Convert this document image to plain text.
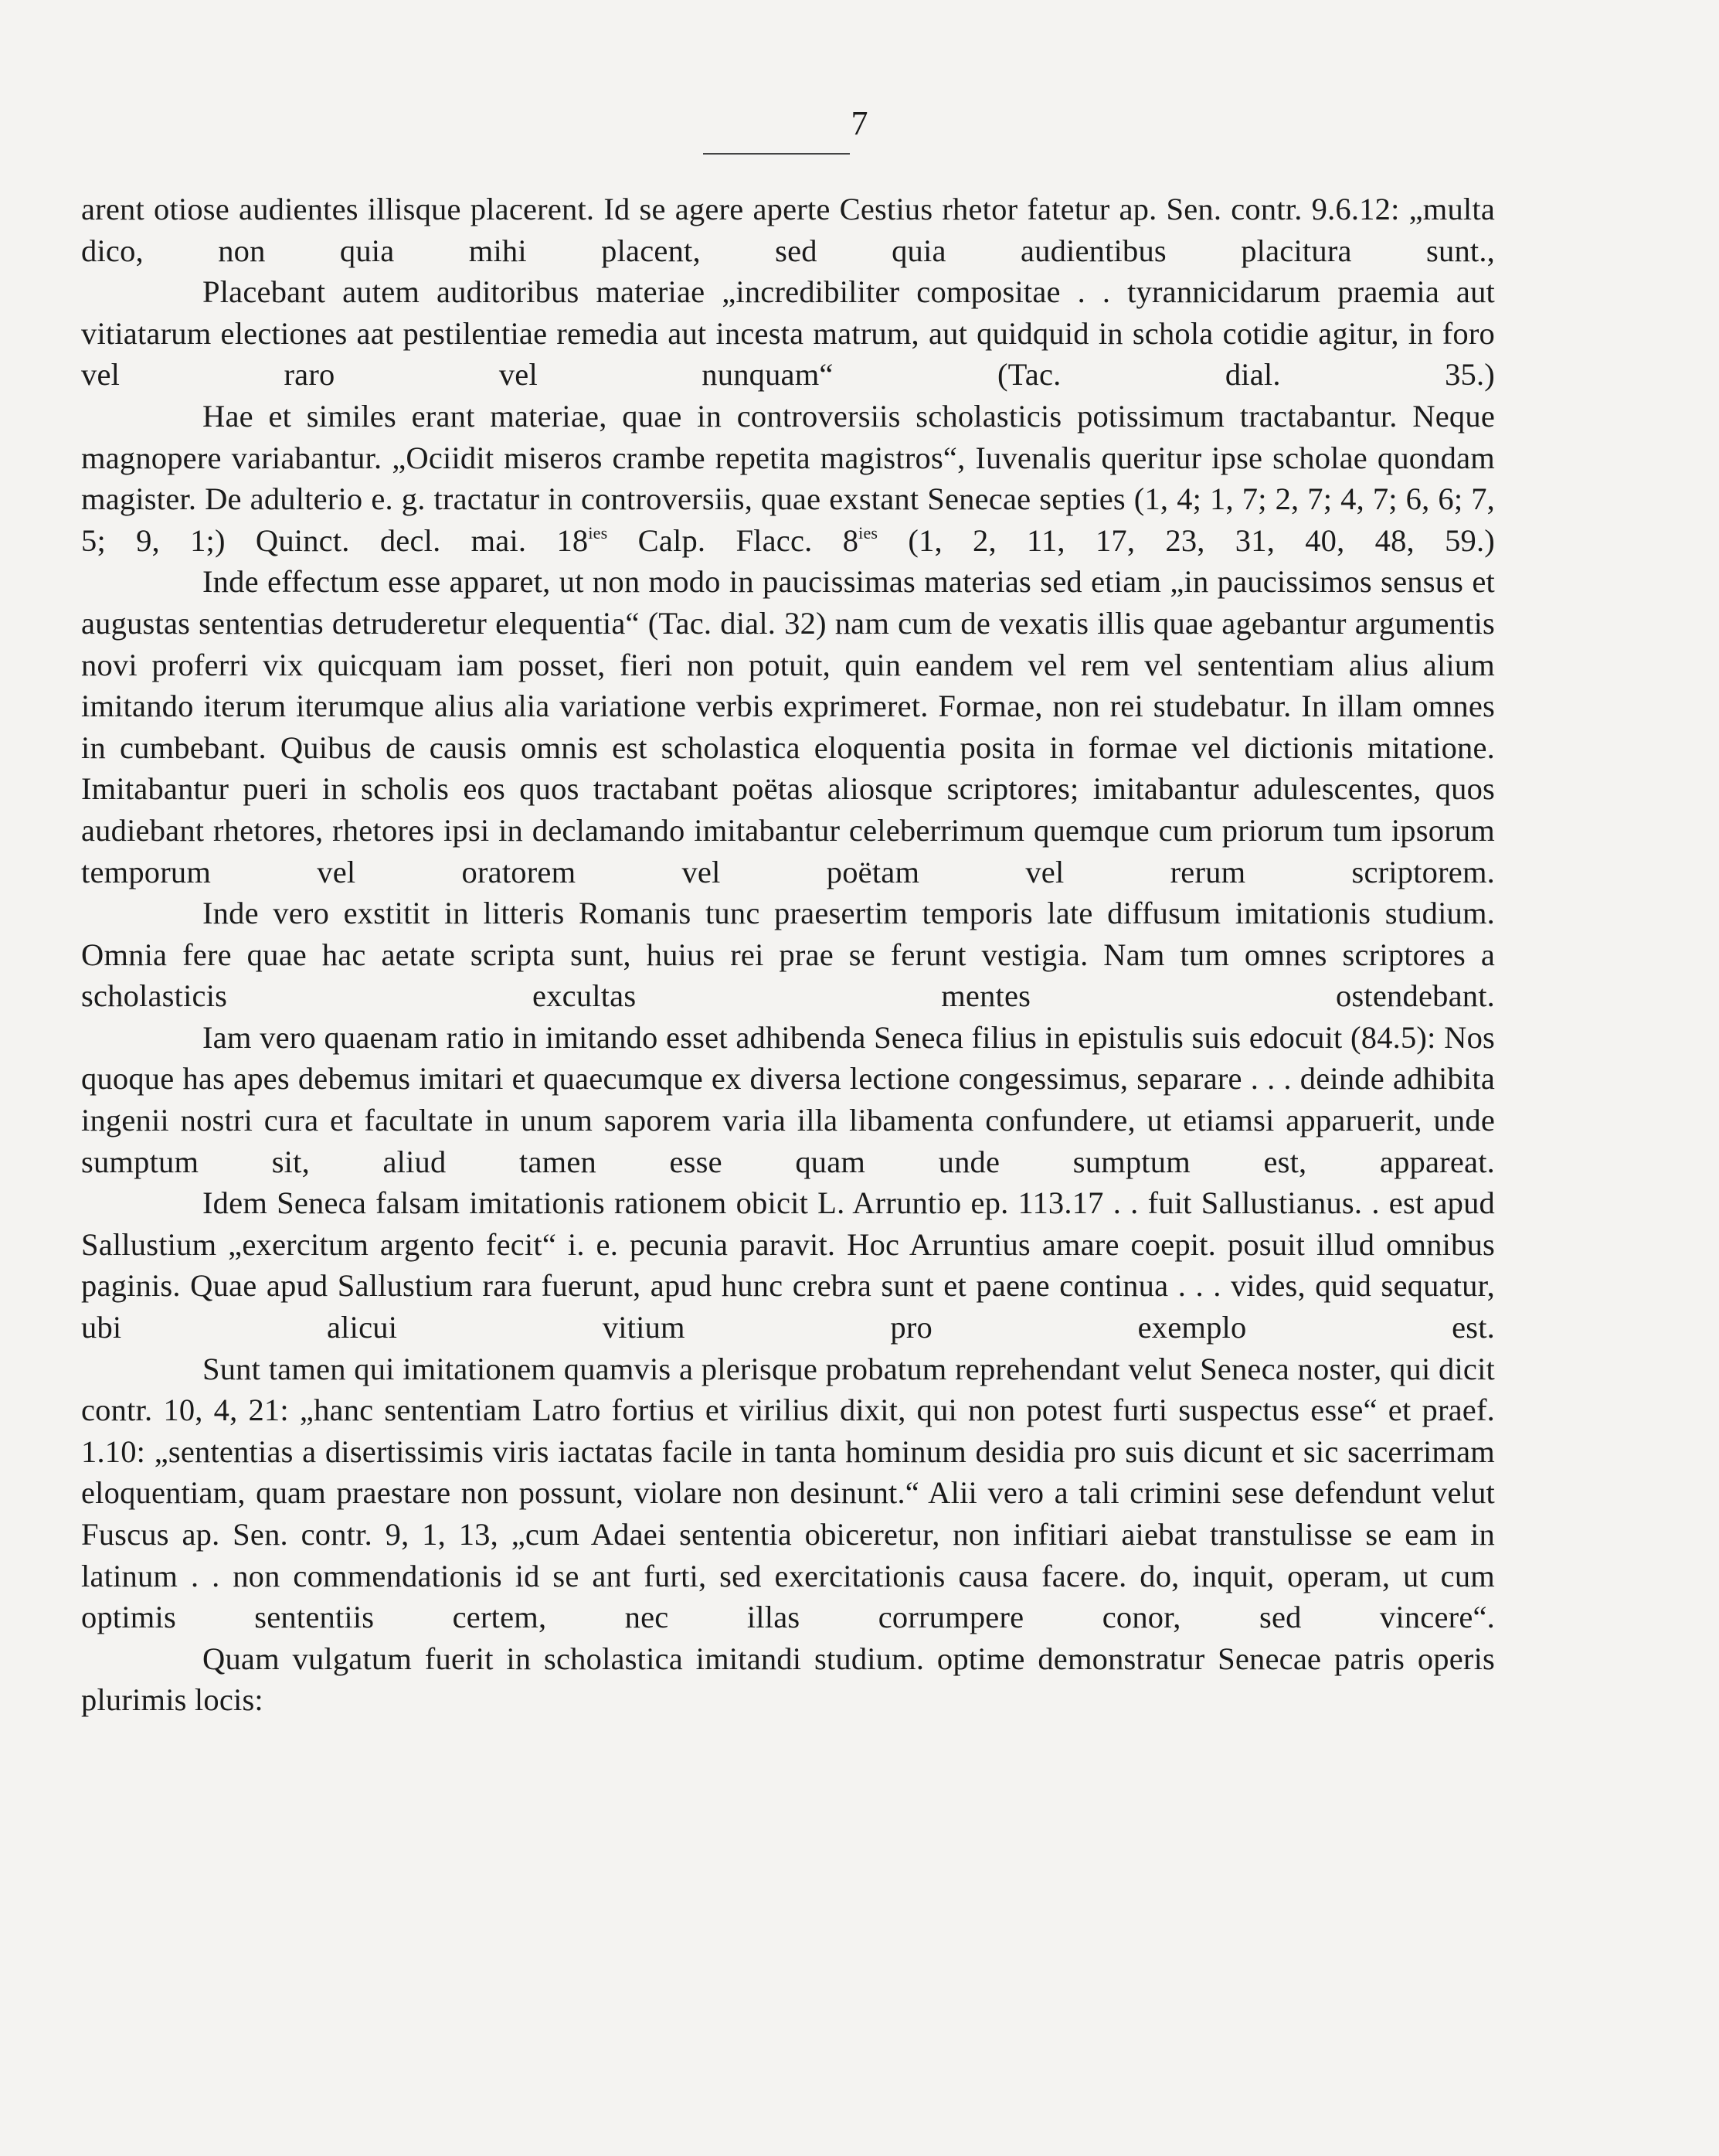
7

arent otiose audientes illisque placerent. Id se agere aperte Cestius rhetor fatetur ap. Sen. contr. 9.6.12: „multa dico, non quia mihi placent, sed quia audientibus placitura sunt.,

Placebant autem auditoribus materiae „incredibiliter compositae . . tyrannicidarum praemia aut vitiatarum electiones aat pestilentiae remedia aut incesta matrum, aut quidquid in schola cotidie agitur, in foro vel raro vel nunquam“ (Tac. dial. 35.)

Hae et similes erant materiae, quae in controversiis scholasticis potissimum tractabantur. Neque magnopere variabantur. „Ociidit miseros crambe repetita magistros“, Iuvenalis queritur ipse scholae quondam magister. De adulterio e. g. tractatur in controversiis, quae exstant Senecae septies (1, 4; 1, 7; 2, 7; 4, 7; 6, 6; 7, 5; 9, 1;) Quinct. decl. mai. $18^{ies}$ Calp. Flacc. $8^{ies}$ (1, 2, 11, 17, 23, 31, 40, 48, 59.)

Inde effectum esse apparet, ut non modo in paucissimas materias sed etiam „in paucissimos sensus et augustas sententias detruderetur elequentia“ (Tac. dial. 32) nam cum de vexatis illis quae agebantur argumentis novi proferri vix quicquam iam posset, fieri non potuit, quin eandem vel rem vel sententiam alius alium imitando iterum iterumque alius alia variatione verbis exprimeret. Formae, non rei studebatur. In illam omnes in cumbebant. Quibus de causis omnis est scholastica eloquentia posita in formae vel dictionis mitatione. Imitabantur pueri in scholis eos quos tractabant poëtas aliosque scriptores; imitabantur adulescentes, quos audiebant rhetores, rhetores ipsi in declamando imitabantur celeberrimum quemque cum priorum tum ipsorum temporum vel oratorem vel poëtam vel rerum scriptorem.

Inde vero exstitit in litteris Romanis tunc praesertim temporis late diffusum imitationis studium. Omnia fere quae hac aetate scripta sunt, huius rei prae se ferunt vestigia. Nam tum omnes scriptores a scholasticis excultas mentes ostendebant.

Iam vero quaenam ratio in imitando esset adhibenda Seneca filius in epistulis suis edocuit (84.5): Nos quoque has apes debemus imitari et quaecumque ex diversa lectione congessimus, separare . . . deinde adhibita ingenii nostri cura et facultate in unum saporem varia illa libamenta confundere, ut etiamsi apparuerit, unde sumptum sit, aliud tamen esse quam unde sumptum est, appareat.

Idem Seneca falsam imitationis rationem obicit L. Arruntio ep. 113.17 . . fuit Sallustianus. . est apud Sallustium „exercitum argento fecit“ i. e. pecunia paravit. Hoc Arruntius amare coepit. posuit illud omnibus paginis. Quae apud Sallustium rara fuerunt, apud hunc crebra sunt et paene continua . . . vides, quid sequatur, ubi alicui vitium pro exemplo est.

Sunt tamen qui imitationem quamvis a plerisque probatum reprehendant velut Seneca noster, qui dicit contr. 10, 4, 21: „hanc sententiam Latro fortius et virilius dixit, qui non potest furti suspectus esse“ et praef. 1.10: „sententias a disertissimis viris iactatas facile in tanta hominum desidia pro suis dicunt et sic sacerrimam eloquentiam, quam praestare non possunt, violare non desinunt.“ Alii vero a tali crimini sese defendunt velut Fuscus ap. Sen. contr. 9, 1, 13, „cum Adaei sententia obiceretur, non infitiari aiebat transtulisse se eam in latinum . . non commendationis id se ant furti, sed exercitationis causa facere. do, inquit, operam, ut cum optimis sententiis certem, nec illas corrumpere conor, sed vincere“.

Quam vulgatum fuerit in scholastica imitandi studium. optime demonstratur Senecae patris operis plurimis locis:
